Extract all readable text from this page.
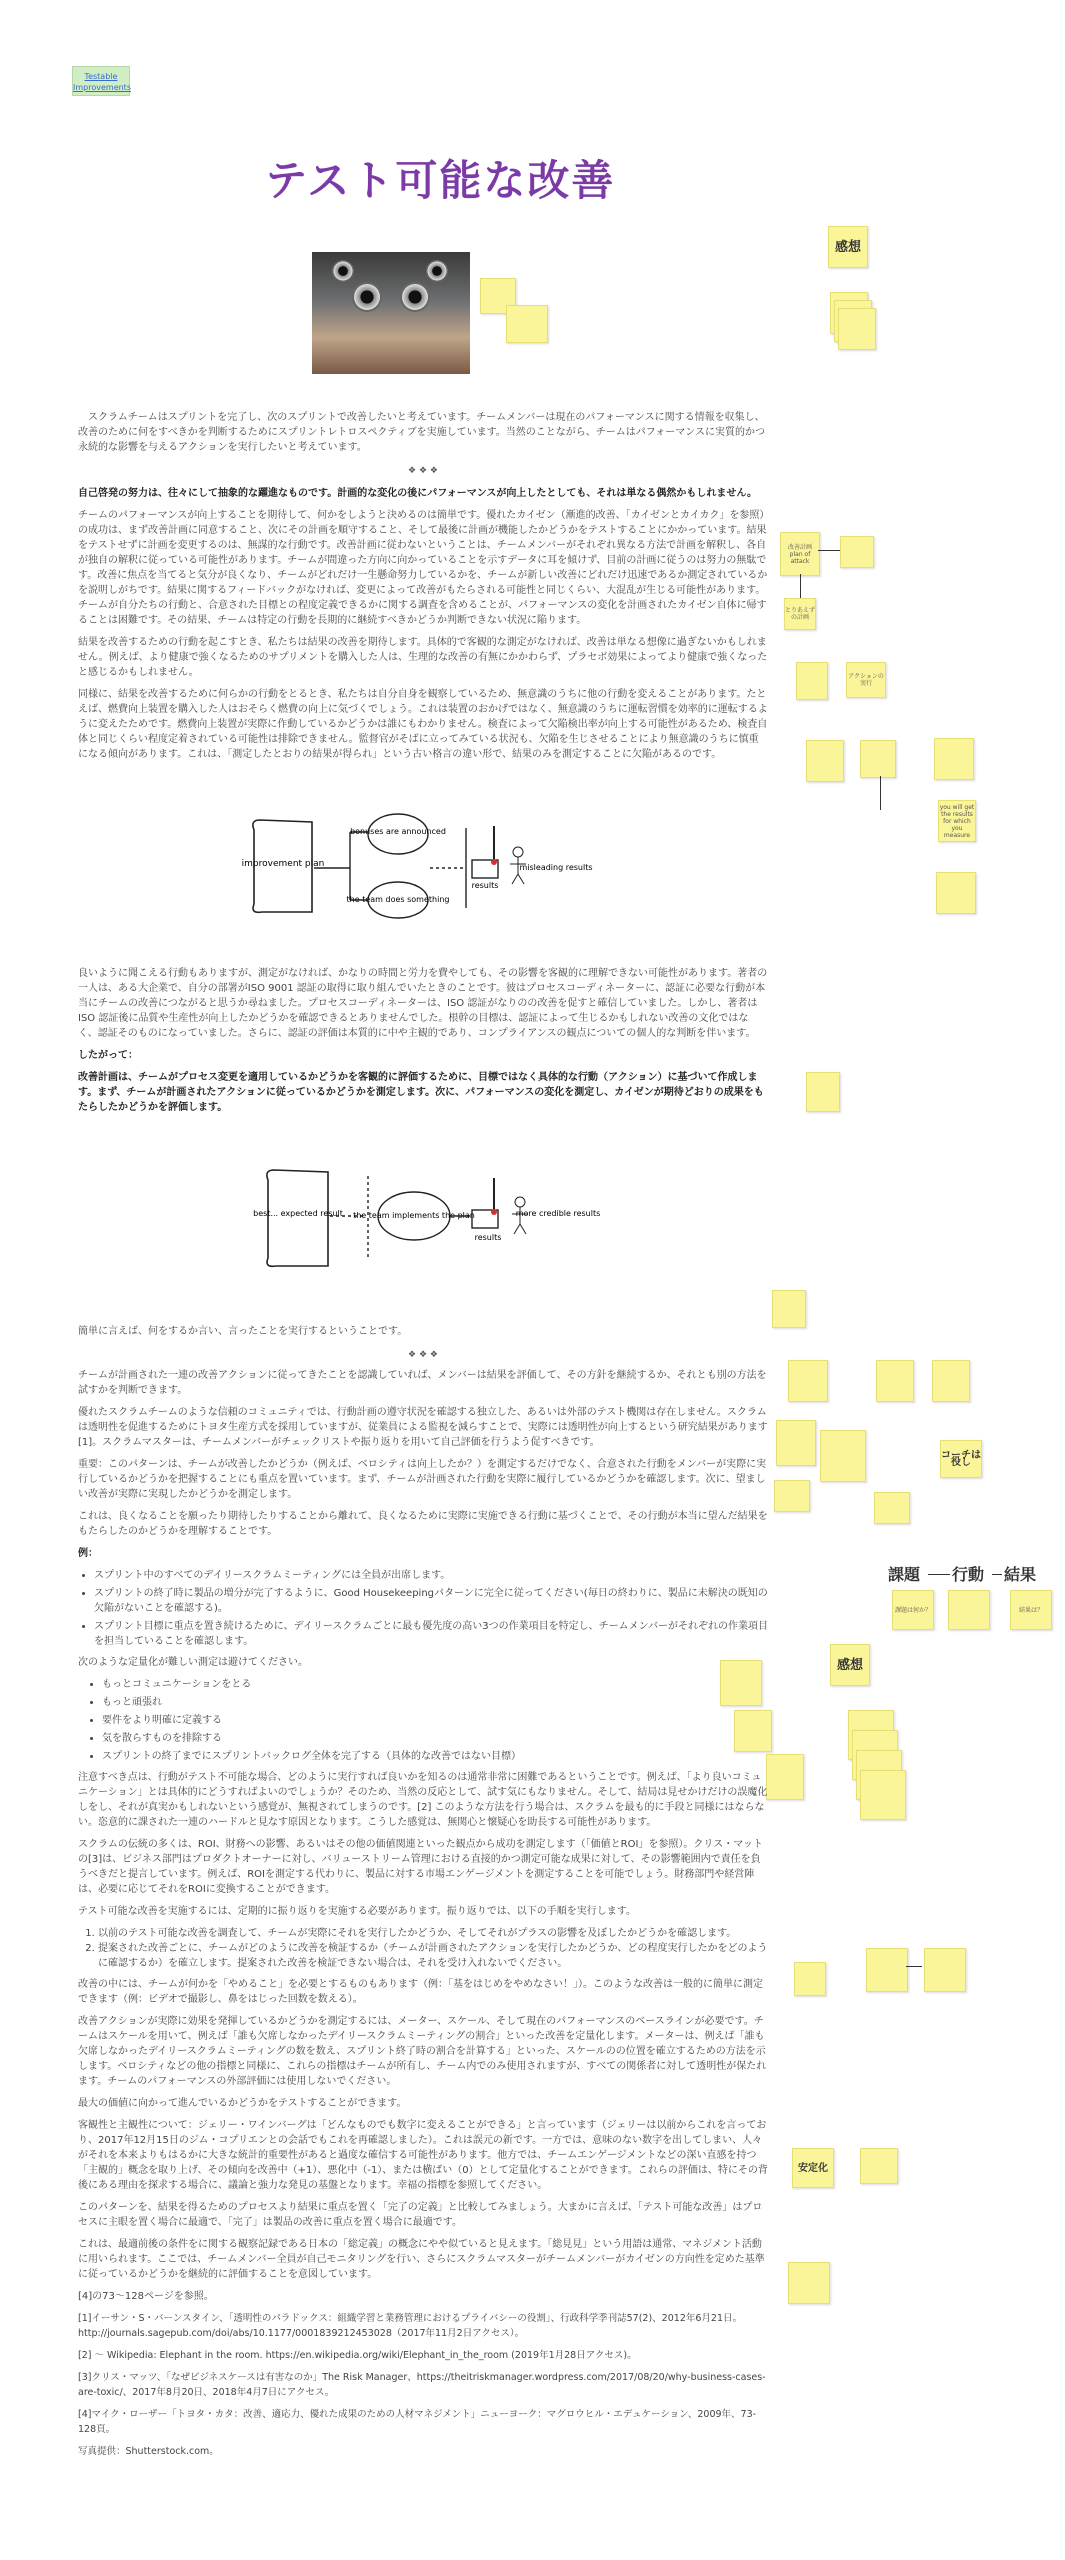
Testable Improvements
テスト可能な改善
感想
改善計画 plan of attack
とりあえずの計画
アクションの実行
you will get the results for which you measure
コーチは役し
課題 行動 結果
課題は何か？	結果は？
感想
安定化

　スクラムチームはスプリントを完了し、次のスプリントで改善したいと考えています。チームメンバーは現在のパフォーマンスに関する情報を収集し、改善のために何をすべきかを判断するためにスプリントレトロスペクティブを実施しています。当然のことながら、チームはパフォーマンスに実質的かつ永続的な影響を与えるアクションを実行したいと考えています。

❖ ❖ ❖

自己啓発の努力は、往々にして抽象的な躍進なものです。計画的な変化の後にパフォーマンスが向上したとしても、それは単なる偶然かもしれません。

チームのパフォーマンスが向上することを期待して、何かをしようと決めるのは簡単です。優れたカイゼン（漸進的改善、「カイゼンとカイカク」を参照）の成功は、まず改善計画に同意すること、次にその計画を順守すること、そして最後に計画が機能したかどうかをテストすることにかかっています。結果をテストせずに計画を変更するのは、無謀的な行動です。改善計画に従わないということは、チームメンバーがそれぞれ異なる方法で計画を解釈し、各自が独自の解釈に従っている可能性があります。チームが間違った方向に向かっていることを示すデータに耳を傾けず、目前の計画に従うのは努力の無駄です。改善に焦点を当てると気分が良くなり、チームがどれだけ一生懸命努力しているかを、チームが新しい改善にどれだけ迅速であるか測定されているかを説明しがちです。結果に関するフィードバックがなければ、変更によって改善がもたらされる可能性と同じくらい、大混乱が生じる可能性があります。チームが自分たちの行動と、合意された目標との程度定義できるかに関する調査を含めることが、パフォーマンスの変化を計画されたカイゼン自体に帰することは困難です。その結果、チームは特定の行動を長期的に継続すべきかどうか判断できない状況に陥ります。

結果を改善するための行動を起こすとき、私たちは結果の改善を期待します。具体的で客観的な測定がなければ、改善は単なる想像に過ぎないかもしれません。例えば、より健康で強くなるためのサプリメントを購入した人は、生理的な改善の有無にかかわらず、プラセボ効果によってより健康で強くなったと感じるかもしれません。

同様に、結果を改善するために何らかの行動をとるとき、私たちは自分自身を観察しているため、無意識のうちに他の行動を変えることがあります。たとえば、燃費向上装置を購入した人はおそらく燃費の向上に気づくでしょう。これは装置のおかげではなく、無意識のうちに運転習慣を効率的に運転するように変えたためです。燃費向上装置が実際に作動しているかどうかは誰にもわかりません。検査によって欠陥検出率が向上する可能性があるため、検査自体と同じくらい程度定着されている可能性は排除できません。監督官がそばに立ってみている状況も、欠陥を生じさせることにより無意識のうちに慎重になる傾向があります。これは、「測定したとおりの結果が得られ」という古い格言の違い形で、結果のみを測定することに欠陥があるのです。

improvement plan
bonuses are announced
the team does something
results
misleading results

良いように聞こえる行動もありますが、測定がなければ、かなりの時間と労力を費やしても、その影響を客観的に理解できない可能性があります。著者の一人は、ある大企業で、自分の部署がISO 9001 認証の取得に取り組んでいたときのことです。彼はプロセスコーディネーターに、認証に必要な行動が本当にチームの改善につながると思うか尋ねました。プロセスコーディネーターは、ISO 認証がなりのの改善を促すと確信していました。しかし、著者は ISO 認証後に品質や生産性が向上したかどうかを確認できるとありませんでした。根幹の目標は、認証によって生じるかもしれない改善の文化ではなく、認証そのものになっていました。さらに、認証の評価は本質的に中や主観的であり、コンプライアンスの観点についての個人的な判断を伴います。

したがって：

改善計画は、チームがプロセス変更を適用しているかどうかを客観的に評価するために、目標ではなく具体的な行動（アクション）に基づいて作成します。まず、チームが計画されたアクションに従っているかどうかを測定します。次に、パフォーマンスの変化を測定し、カイゼンが期待どおりの成果をもたらしたかどうかを評価します。

best... expected result the team implements the plan
results
more credible results

簡単に言えば、何をするか言い、言ったことを実行するということです。

❖ ❖ ❖

チームが計画された一連の改善アクションに従ってきたことを認識していれば、メンバーは結果を評価して、その方針を継続するか、それとも別の方法を試すかを判断できます。

優れたスクラムチームのような信頼のコミュニティでは、行動計画の遵守状況を確認する独立した、あるいは外部のテスト機関は存在しません。スクラムは透明性を促進するためにトヨタ生産方式を採用していますが、従業員による監視を減らすことで、実際には透明性が向上するという研究結果があります[1]。スクラムマスターは、チームメンバーがチェックリストや振り返りを用いて自己評価を行うよう促すべきです。

重要：このパターンは、チームが改善したかどうか（例えば、ベロシティは向上したか？）を測定するだけでなく、合意された行動をメンバーが実際に実行しているかどうかを把握することにも重点を置いています。まず、チームが計画された行動を実際に履行しているかどうかを確認します。次に、望ましい改善が実際に実現したかどうかを測定します。

これは、良くなることを願ったり期待したりすることから離れて、良くなるために実際に実施できる行動に基づくことで、その行動が本当に望んだ結果をもたらしたのかどうかを理解することです。

例：

• スプリント中のすべてのデイリースクラムミーティングには全員が出席します。
• スプリントの終了時に製品の増分が完了するように、Good Housekeepingパターンに完全に従ってください(毎日の終わりに、製品に未解決の既知の欠陥がないことを確認する)。
• スプリント目標に重点を置き続けるために、デイリースクラムごとに最も優先度の高い3つの作業項目を特定し、チームメンバーがそれぞれの作業項目を担当していることを確認します。

次のような定量化が難しい測定は避けてください。

• もっとコミュニケーションをとる
• もっと頑張れ
• 要件をより明確に定義する
• 気を散らすものを排除する
• スプリントの終了までにスプリントバックログ全体を完了する（具体的な改善ではない目標）

注意すべき点は、行動がテスト不可能な場合、どのように実行すれば良いかを知るのは通常非常に困難であるということです。例えば、「より良いコミュニケーション」とは具体的にどうすればよいのでしょうか？そのため、当然の反応として、試す気にもなりません。そして、結局は見せかけだけの誤魔化しをし、それが真実かもしれないという感覚が、無視されてしまうのです。[2] このような方法を行う場合は、スクラムを最も的に手段と同様にはならない。恣意的に課された一連のハードルと見なす原因となります。こうした感覚は、無関心と懐疑心を助長する可能性があります。

スクラムの伝統の多くは、ROI、財務への影響、あるいはその他の価値関連といった観点から成功を測定します（「価値とROI」を参照）。クリス・マットの[3]は、ビジネス部門はプロダクトオーナーに対し、バリューストリーム管理における直接的かつ測定可能な成果に対して、その影響範囲内で責任を負うべきだと提言しています。例えば、ROIを測定する代わりに、製品に対する市場エンゲージメントを測定することを可能でしょう。財務部門や経営陣は、必要に応じてそれをROIに変換することができます。

テスト可能な改善を実施するには、定期的に振り返りを実施する必要があります。振り返りでは、以下の手順を実行します。

1. 以前のテスト可能な改善を調査して、チームが実際にそれを実行したかどうか、そしてそれがプラスの影響を及ぼしたかどうかを確認します。
2. 提案された改善ごとに、チームがどのように改善を検証するか（チームが計画されたアクションを実行したかどうか、どの程度実行したかをどのように確認するか）を確立します。提案された改善を検証できない場合は、それを受け入れないでください。

改善の中には、チームが何かを「やめること」を必要とするものもあります（例：「基をはじめをやめなさい！」）。このような改善は一般的に簡単に測定できます（例：ビデオで撮影し、鼻をはじった回数を数える）。

改善アクションが実際に効果を発揮しているかどうかを測定するには、メーター、スケール、そして現在のパフォーマンスのベースラインが必要です。チームはスケールを用いて、例えば「誰も欠席しなかったデイリースクラムミーティングの割合」といった改善を定量化します。メーターは、例えば「誰も欠席しなかったデイリースクラムミーティングの数を数え、スプリント終了時の割合を計算する」といった、スケールのの位置を確立するための方法を示します。ベロシティなどの他の指標と同様に、これらの指標はチームが所有し、チーム内でのみ使用されますが、すべての関係者に対して透明性が保たれます。チームのパフォーマンスの外部評価には使用しないでください。

最大の価値に向かって進んでいるかどうかをテストすることができます。

客観性と主観性について：ジェリー・ワインバーグは「どんなものでも数字に変えることができる」と言っています（ジェリーは以前からこれを言っており、2017年12月15日のジム・コプリエンとの会話でもこれを再確認しました）。これは誤元の新です。一方では、意味のない数字を出してしまい、人々がそれを本来よりもはるかに大きな統計的重要性があると過度な確信する可能性があります。他方では、チームエンゲージメントなどの深い直感を持つ「主観的」概念を取り上げ、その傾向を改善中（+1）、悪化中（-1）、または横ばい（0）として定量化することができます。これらの評価は、特にその背後にある理由を探求する場合に、議論と強力な発見の基盤となります。幸福の指標を参照してください。

このパターンを、結果を得るためのプロセスより結果に重点を置く「完了の定義」と比較してみましょう。大まかに言えば、「テスト可能な改善」はプロセスに主眼を置く場合に最適で、「完了」は製品の改善に重点を置く場合に最適です。

これは、最適前後の条件をに関する観察記録である日本の「総定義」の概念にやや似ていると見えます。「総見見」という用語は通常、マネジメント活動に用いられます。ここでは、チームメンバー全員が自己モニタリングを行い、さらにスクラムマスターがチームメンバーがカイゼンの方向性を定めた基準に従っているかどうかを継続的に評価することを意図しています。

[4]の73〜128ページを参照。

[1]イーサン・S・バーンスタイン、「透明性のパラドックス：組織学習と業務管理におけるプライバシーの役割」、行政科学季刊誌57(2)、2012年6月21日。http://journals.sagepub.com/doi/abs/10.1177/0001839212453028（2017年11月2日アクセス）。

[2] ～ Wikipedia: Elephant in the room. https://en.wikipedia.org/wiki/Elephant_in_the_room (2019年1月28日アクセス)。

[3]クリス・マッツ、「なぜビジネスケースは有害なのか」The Risk Manager、https://theitriskmanager.wordpress.com/2017/08/20/why-business-cases-are-toxic/、2017年8月20日、2018年4月7日にアクセス。

[4]マイク・ローザー「トヨタ・カタ：改善、適応力、優れた成果のための人材マネジメント」ニューヨーク：マグロウヒル・エデュケーション、2009年、73-128頁。

写真提供：Shutterstock.com。
